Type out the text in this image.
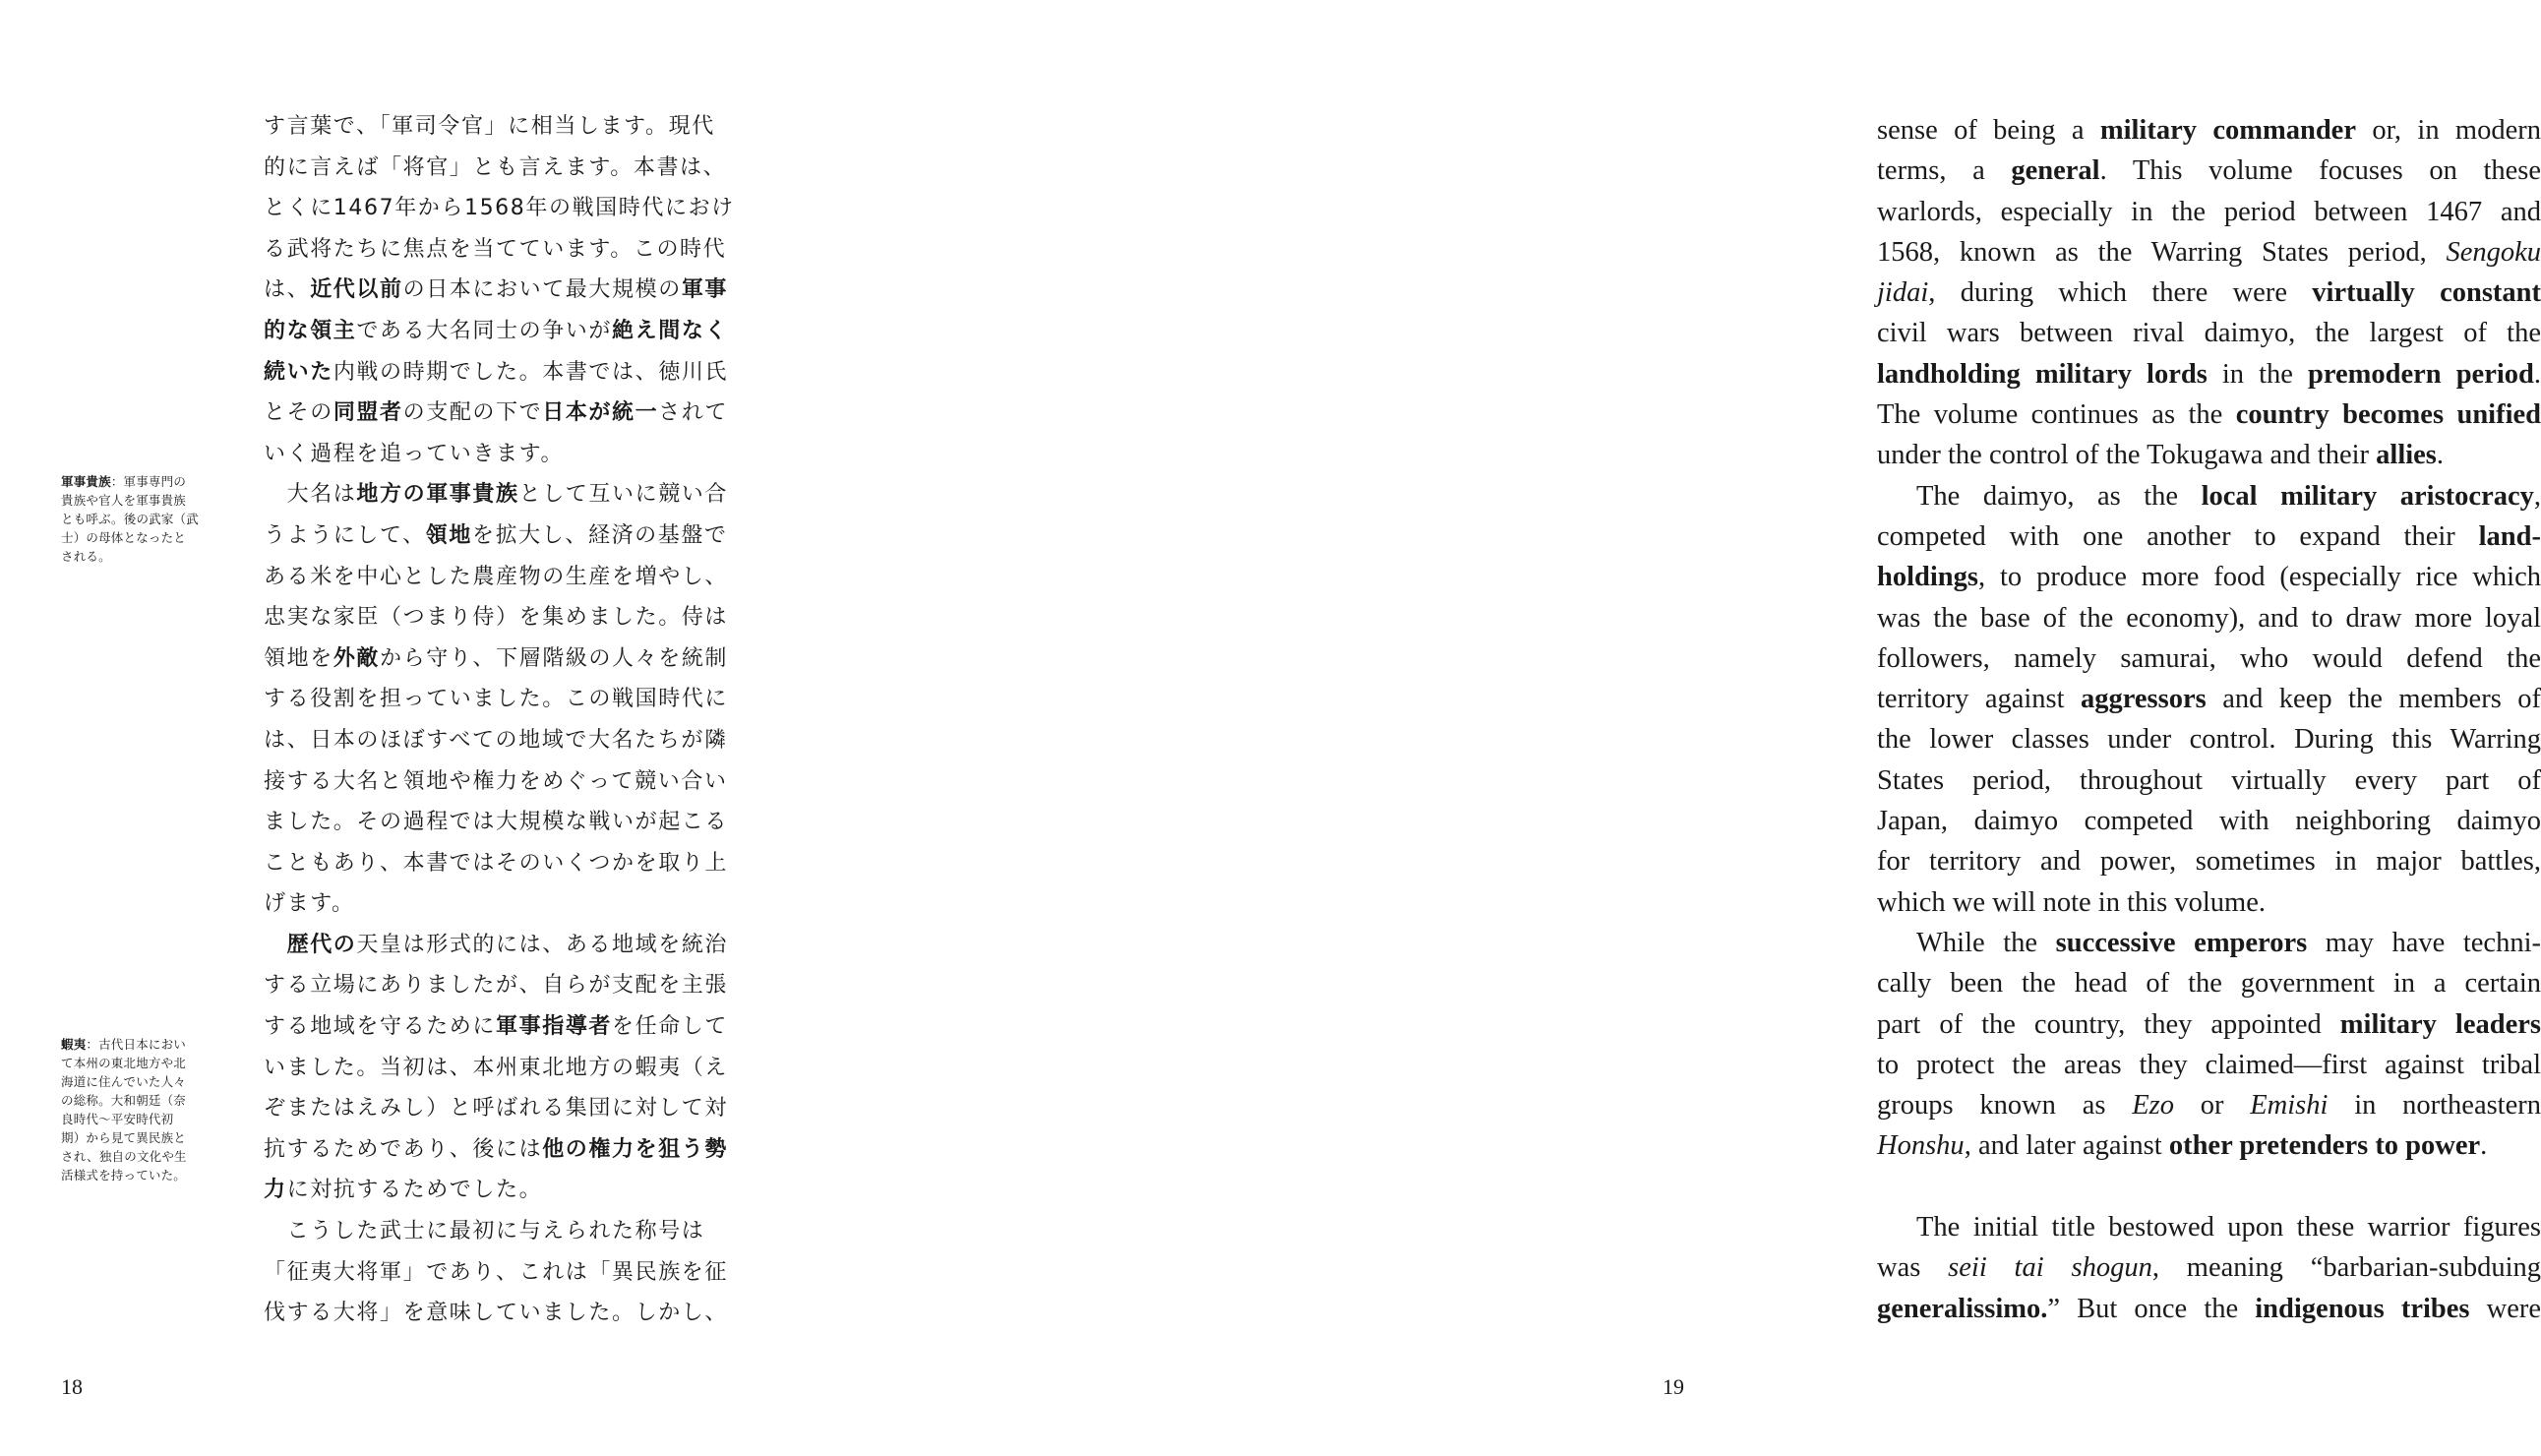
軍事貴族：軍事専門の
貴族や官人を軍事貴族
とも呼ぶ。後の武家（武
士）の母体となったと
される。
蝦夷：古代日本におい
て本州の東北地方や北
海道に住んでいた人々
の総称。大和朝廷（奈
良時代～平安時代初
期）から見て異民族と
され、独自の文化や生
活様式を持っていた。
す言葉で、「軍司令官」に相当します。現代
的に言えば「将官」とも言えます。本書は、
とくに1467年から1568年の戦国時代におけ
る武将たちに焦点を当てています。この時代
は、近代以前の日本において最大規模の軍事
的な領主である大名同士の争いが絶え間なく
続いた内戦の時期でした。本書では、徳川氏
とその同盟者の支配の下で日本が統一されて
いく過程を追っていきます。
　大名は地方の軍事貴族として互いに競い合
うようにして、領地を拡大し、経済の基盤で
ある米を中心とした農産物の生産を増やし、
忠実な家臣（つまり侍）を集めました。侍は
領地を外敵から守り、下層階級の人々を統制
する役割を担っていました。この戦国時代に
は、日本のほぼすべての地域で大名たちが隣
接する大名と領地や権力をめぐって競い合い
ました。その過程では大規模な戦いが起こる
こともあり、本書ではそのいくつかを取り上
げます。
　歴代の天皇は形式的には、ある地域を統治
する立場にありましたが、自らが支配を主張
する地域を守るために軍事指導者を任命して
いました。当初は、本州東北地方の蝦夷（え
ぞまたはえみし）と呼ばれる集団に対して対
抗するためであり、後には他の権力を狙う勢
力に対抗するためでした。
　こうした武士に最初に与えられた称号は
「征夷大将軍」であり、これは「異民族を征
伐する大将」を意味していました。しかし、
18
sense of being a military commander or, in modern
terms, a general. This volume focuses on these
warlords, especially in the period between 1467 and
1568, known as the Warring States period, Sengoku
jidai, during which there were virtually constant
civil wars between rival daimyo, the largest of the
landholding military lords in the premodern period.
The volume continues as the country becomes unified
under the control of the Tokugawa and their allies.
The daimyo, as the local military aristocracy,
competed with one another to expand their land-
holdings, to produce more food (especially rice which
was the base of the economy), and to draw more loyal
followers, namely samurai, who would defend the
territory against aggressors and keep the members of
the lower classes under control. During this Warring
States period, throughout virtually every part of
Japan, daimyo competed with neighboring daimyo
for territory and power, sometimes in major battles,
which we will note in this volume.
While the successive emperors may have techni-
cally been the head of the government in a certain
part of the country, they appointed military leaders
to protect the areas they claimed—first against tribal
groups known as Ezo or Emishi in northeastern
Honshu, and later against other pretenders to power.
The initial title bestowed upon these warrior figures
was seii tai shogun, meaning “barbarian-subduing
generalissimo.” But once the indigenous tribes were
19
